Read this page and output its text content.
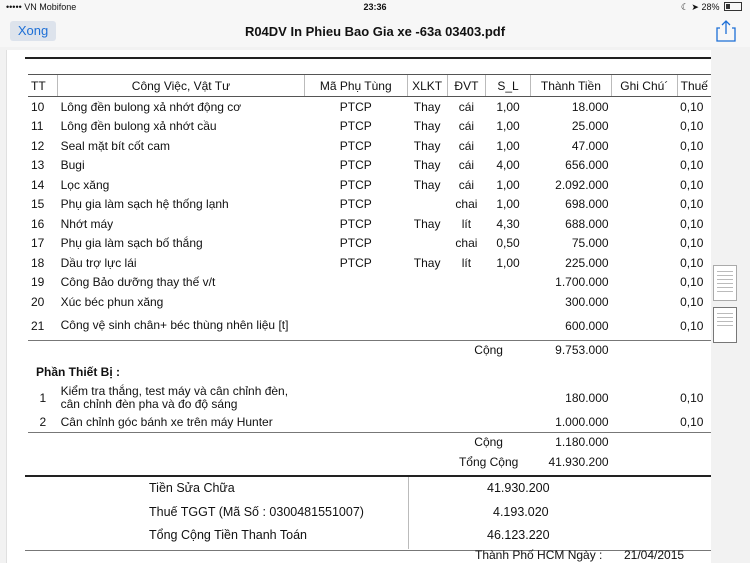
••••• VN Mobifone	23:36	☾ ➤ 28%
Xong	R04DV In Phieu Bao Gia xe -63a 03403.pdf
TT	Công Việc, Vật Tư	Mã Phụ Tùng	XLKT	ĐVT	S_L	Thành Tiền	Ghi Chú´	Thuế
10	Lông đền bulong xả nhớt động cơ	PTCP	Thay	cái	1,00	18.000		0,10
11	Lông đền bulong xả nhớt cầu	PTCP	Thay	cái	1,00	25.000		0,10
12	Seal mặt bít cốt cam	PTCP	Thay	cái	1,00	47.000		0,10
13	Bugi	PTCP	Thay	cái	4,00	656.000		0,10
14	Lọc xăng	PTCP	Thay	cái	1,00	2.092.000		0,10
15	Phụ gia làm sạch hệ thống lạnh	PTCP		chai	1,00	698.000		0,10
16	Nhớt máy	PTCP	Thay	lít	4,30	688.000		0,10
17	Phụ gia làm sạch bố thắng	PTCP		chai	0,50	75.000		0,10
18	Dầu trợ lực lái	PTCP	Thay	lít	1,00	225.000		0,10
19	Công Bảo dưỡng thay thế v/t					1.700.000		0,10
20	Xúc béc phun xăng					300.000		0,10
21	Công vệ sinh chân+ béc thùng nhên liệu [t]					600.000		0,10
				Cộng		9.753.000		
Phần Thiết Bị :								
1	Kiểm tra thắng, test máy và cân chỉnh đèn, cân chỉnh đèn pha và đo độ sáng					180.000		0,10
2	Cân chỉnh góc bánh xe trên máy Hunter					1.000.000		0,10
				Cộng		1.180.000		
				Tổng Cộng		41.930.200		
Tiền Sửa Chữa	41.930.200
Thuế TGGT (Mã Số : 0300481551007)	4.193.020
Tổng Cộng Tiền Thanh Toán	46.123.220
Thành Phố HCM Ngày : 21/04/2015
